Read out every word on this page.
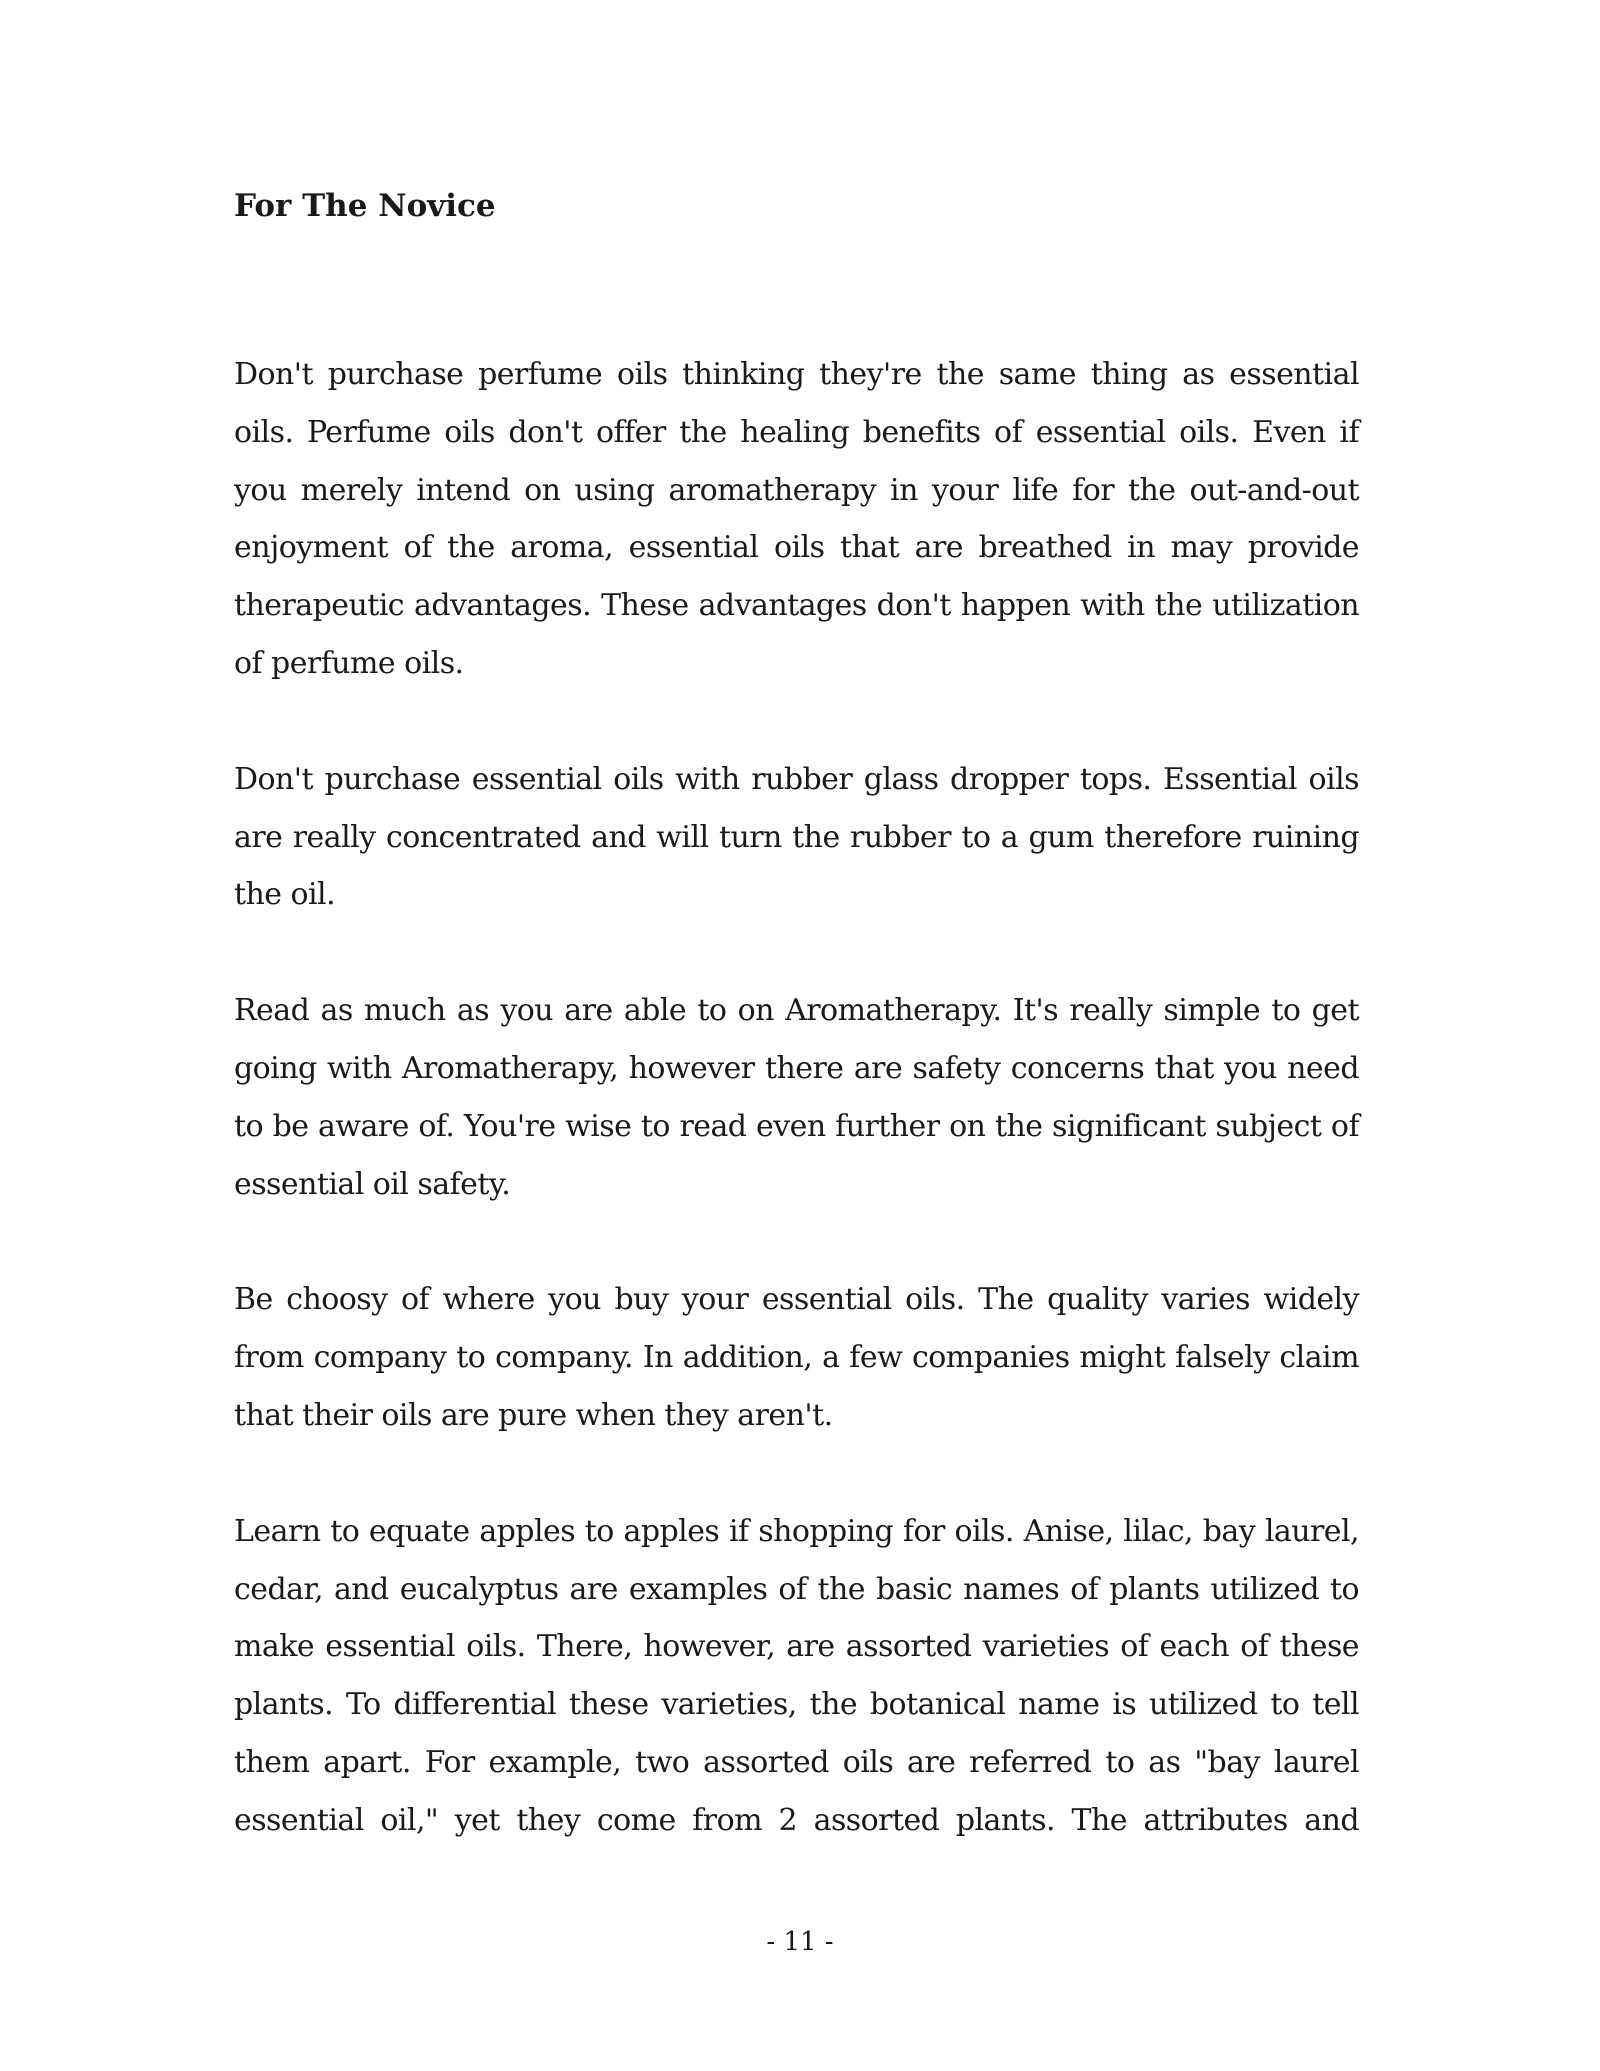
For The Novice

Don't purchase perfume oils thinking they're the same thing as essential oils. Perfume oils don't offer the healing benefits of essential oils. Even if you merely intend on using aromatherapy in your life for the out-and-out enjoyment of the aroma, essential oils that are breathed in may provide therapeutic advantages. These advantages don't happen with the utilization of perfume oils.

Don't purchase essential oils with rubber glass dropper tops. Essential oils are really concentrated and will turn the rubber to a gum therefore ruining the oil.

Read as much as you are able to on Aromatherapy. It's really simple to get going with Aromatherapy, however there are safety concerns that you need to be aware of. You're wise to read even further on the significant subject of essential oil safety.

Be choosy of where you buy your essential oils. The quality varies widely from company to company. In addition, a few companies might falsely claim that their oils are pure when they aren't.

Learn to equate apples to apples if shopping for oils. Anise, lilac, bay laurel, cedar, and eucalyptus are examples of the basic names of plants utilized to make essential oils. There, however, are assorted varieties of each of these plants. To differential these varieties, the botanical name is utilized to tell them apart. For example, two assorted oils are referred to as "bay laurel essential oil," yet they come from 2 assorted plants. The attributes and

- 11 -
